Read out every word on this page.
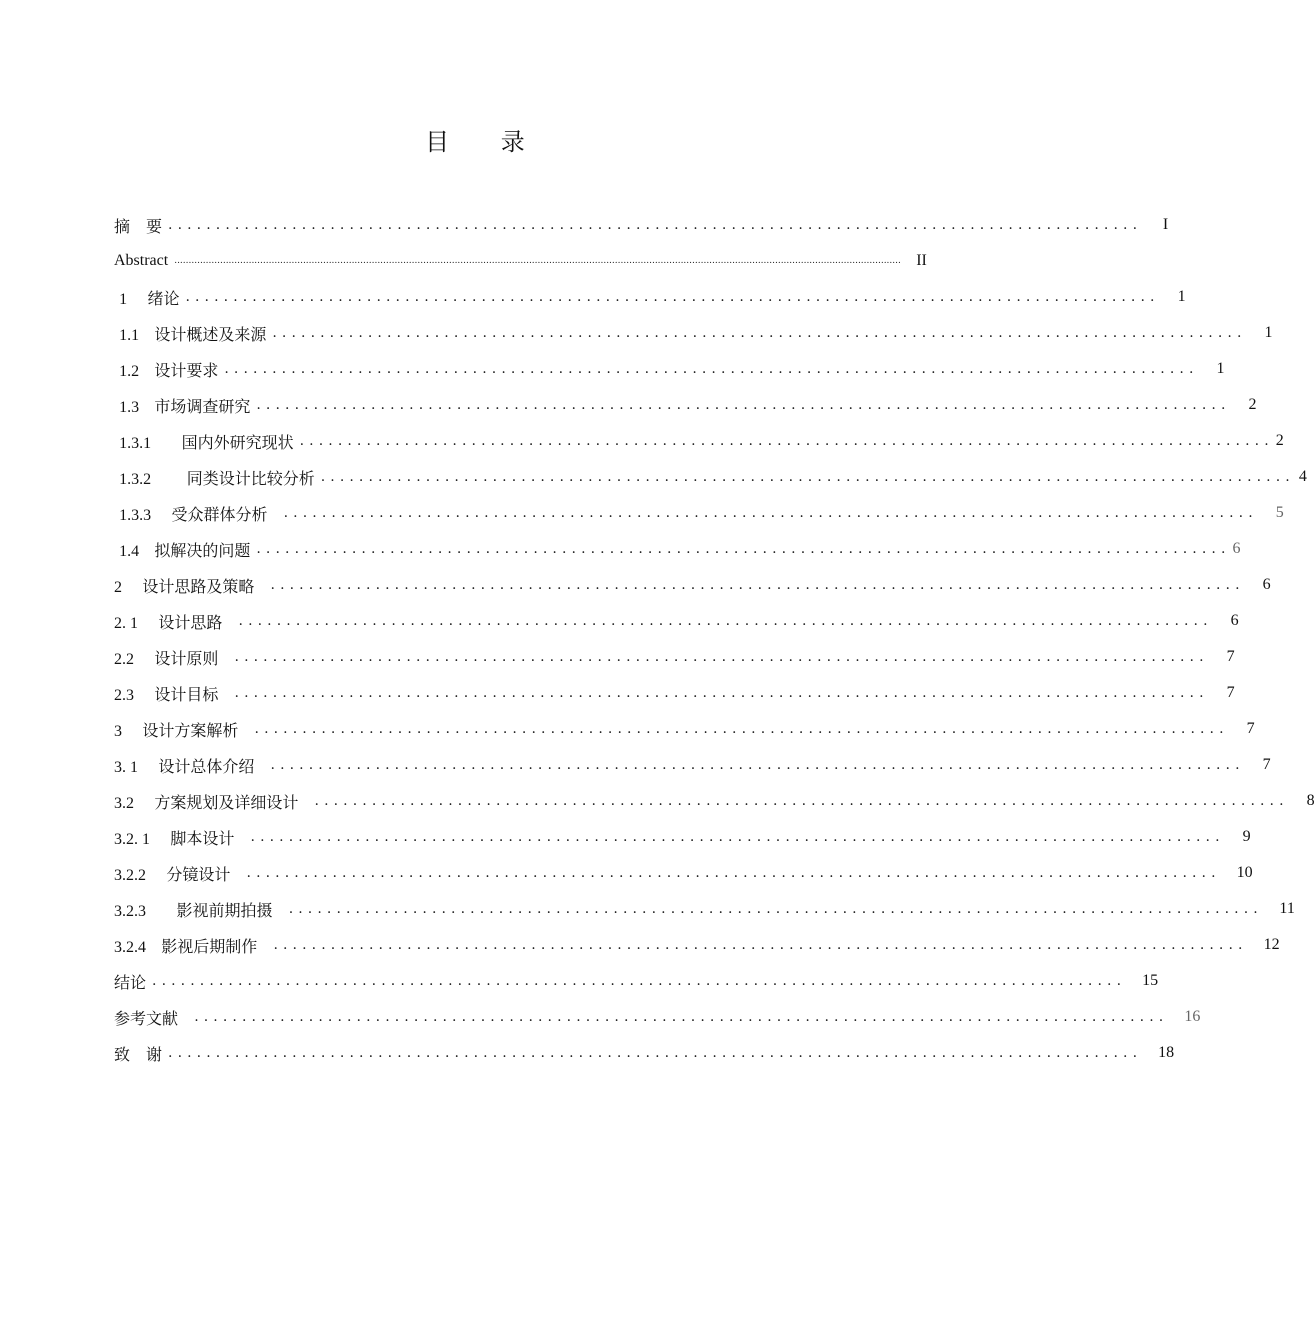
目 录
摘　要 ......................................................................................................	I
Abstract .............................................................................................................................................................................................................................................................. II
1 绪论 ......................................................................................................	1
1.1 设计概述及来源 ......................................................................................................	1
1.2 设计要求 ......................................................................................................	1
1.3 市场调查研究 ......................................................................................................	2
1.3.1 国内外研究现状 ...................................................................................................... 2
1.3.2 同类设计比较分析 ...................................................................................................... 4
1.3.3 受众群体分析	......................................................................................................	5
1.4 拟解决的问题 ...................................................................................................... 6
2 设计思路及策略	......................................................................................................	6
2. 1 设计思路	......................................................................................................	6
2.2 设计原则	......................................................................................................	7
2.3 设计目标	......................................................................................................	7
3 设计方案解析	......................................................................................................	7
3. 1 设计总体介绍	......................................................................................................	7
3.2 方案规划及详细设计	......................................................................................................	8
3.2. 1 脚本设计	......................................................................................................	9
3.2.2 分镜设计	......................................................................................................	10
3.2.3 影视前期拍摄	......................................................................................................	11
3.2.4 影视后期制作	......................................................................................................	12
结论 ......................................................................................................	15
参考文献	......................................................................................................	16
致　谢 ......................................................................................................	18
